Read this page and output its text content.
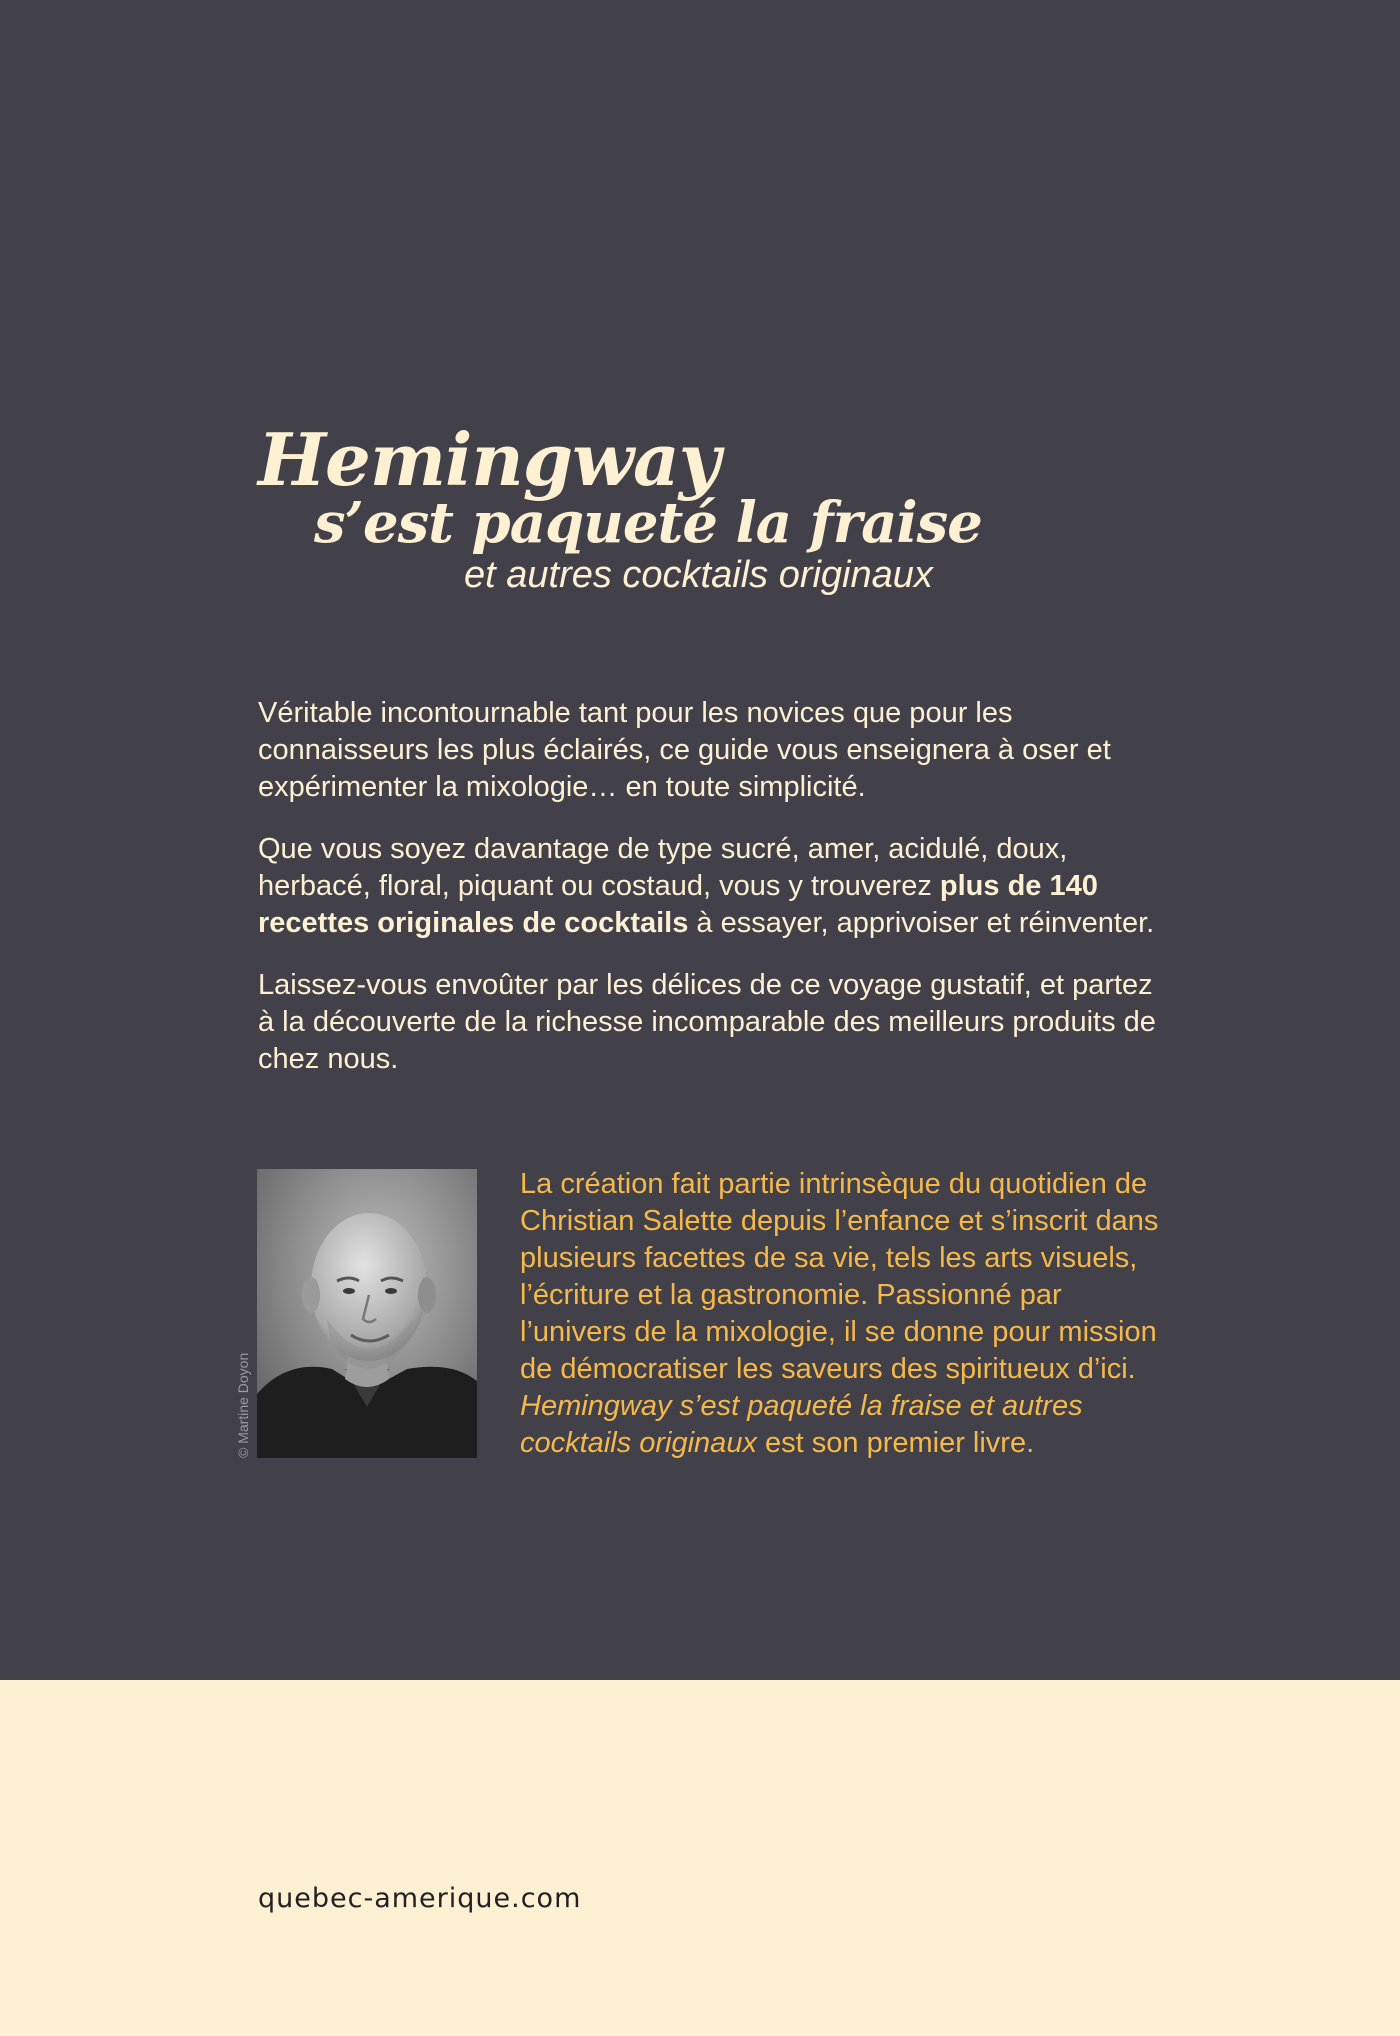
Hemingway
s’est paqueté la fraise
et autres cocktails originaux

Véritable incontournable tant pour les novices que pour les connaisseurs les plus éclairés, ce guide vous enseignera à oser et expérimenter la mixologie… en toute simplicité.

Que vous soyez davantage de type sucré, amer, acidulé, doux, herbacé, floral, piquant ou costaud, vous y trouverez plus de 140 recettes originales de cocktails à essayer, apprivoiser et réinventer.

Laissez-vous envoûter par les délices de ce voyage gustatif, et partez à la découverte de la richesse incomparable des meilleurs produits de chez nous.

© Martine Doyon

La création fait partie intrinsèque du quotidien de Christian Salette depuis l’enfance et s’inscrit dans plusieurs facettes de sa vie, tels les arts visuels, l’écriture et la gastronomie. Passionné par l’univers de la mixologie, il se donne pour mission de démocratiser les saveurs des spiritueux d’ici. Hemingway s’est paqueté la fraise et autres cocktails originaux est son premier livre.

quebec-amerique.com
